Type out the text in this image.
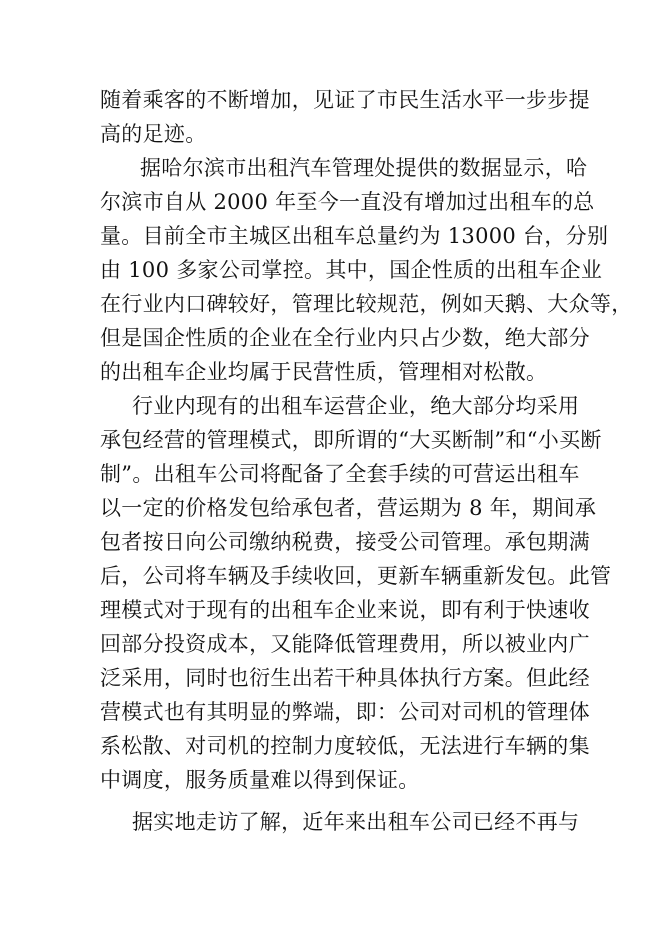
随着乘客的不断增加，见证了市民生活水平一步步提
高的足迹。
据哈尔滨市出租汽车管理处提供的数据显示，哈
尔滨市自从 2000 年至今一直没有增加过出租车的总
量。目前全市主城区出租车总量约为 13000 台，分别
由 100 多家公司掌控。其中，国企性质的出租车企业
在行业内口碑较好，管理比较规范，例如天鹅、大众等，
但是国企性质的企业在全行业内只占少数，绝大部分
的出租车企业均属于民营性质，管理相对松散。
行业内现有的出租车运营企业，绝大部分均采用
承包经营的管理模式，即所谓的“大买断制”和“小买断
制”。出租车公司将配备了全套手续的可营运出租车
以一定的价格发包给承包者，营运期为 8 年，期间承
包者按日向公司缴纳税费，接受公司管理。承包期满
后，公司将车辆及手续收回，更新车辆重新发包。此管
理模式对于现有的出租车企业来说，即有利于快速收
回部分投资成本，又能降低管理费用，所以被业内广
泛采用，同时也衍生出若干种具体执行方案。但此经
营模式也有其明显的弊端，即：公司对司机的管理体
系松散、对司机的控制力度较低，无法进行车辆的集
中调度，服务质量难以得到保证。
据实地走访了解，近年来出租车公司已经不再与
